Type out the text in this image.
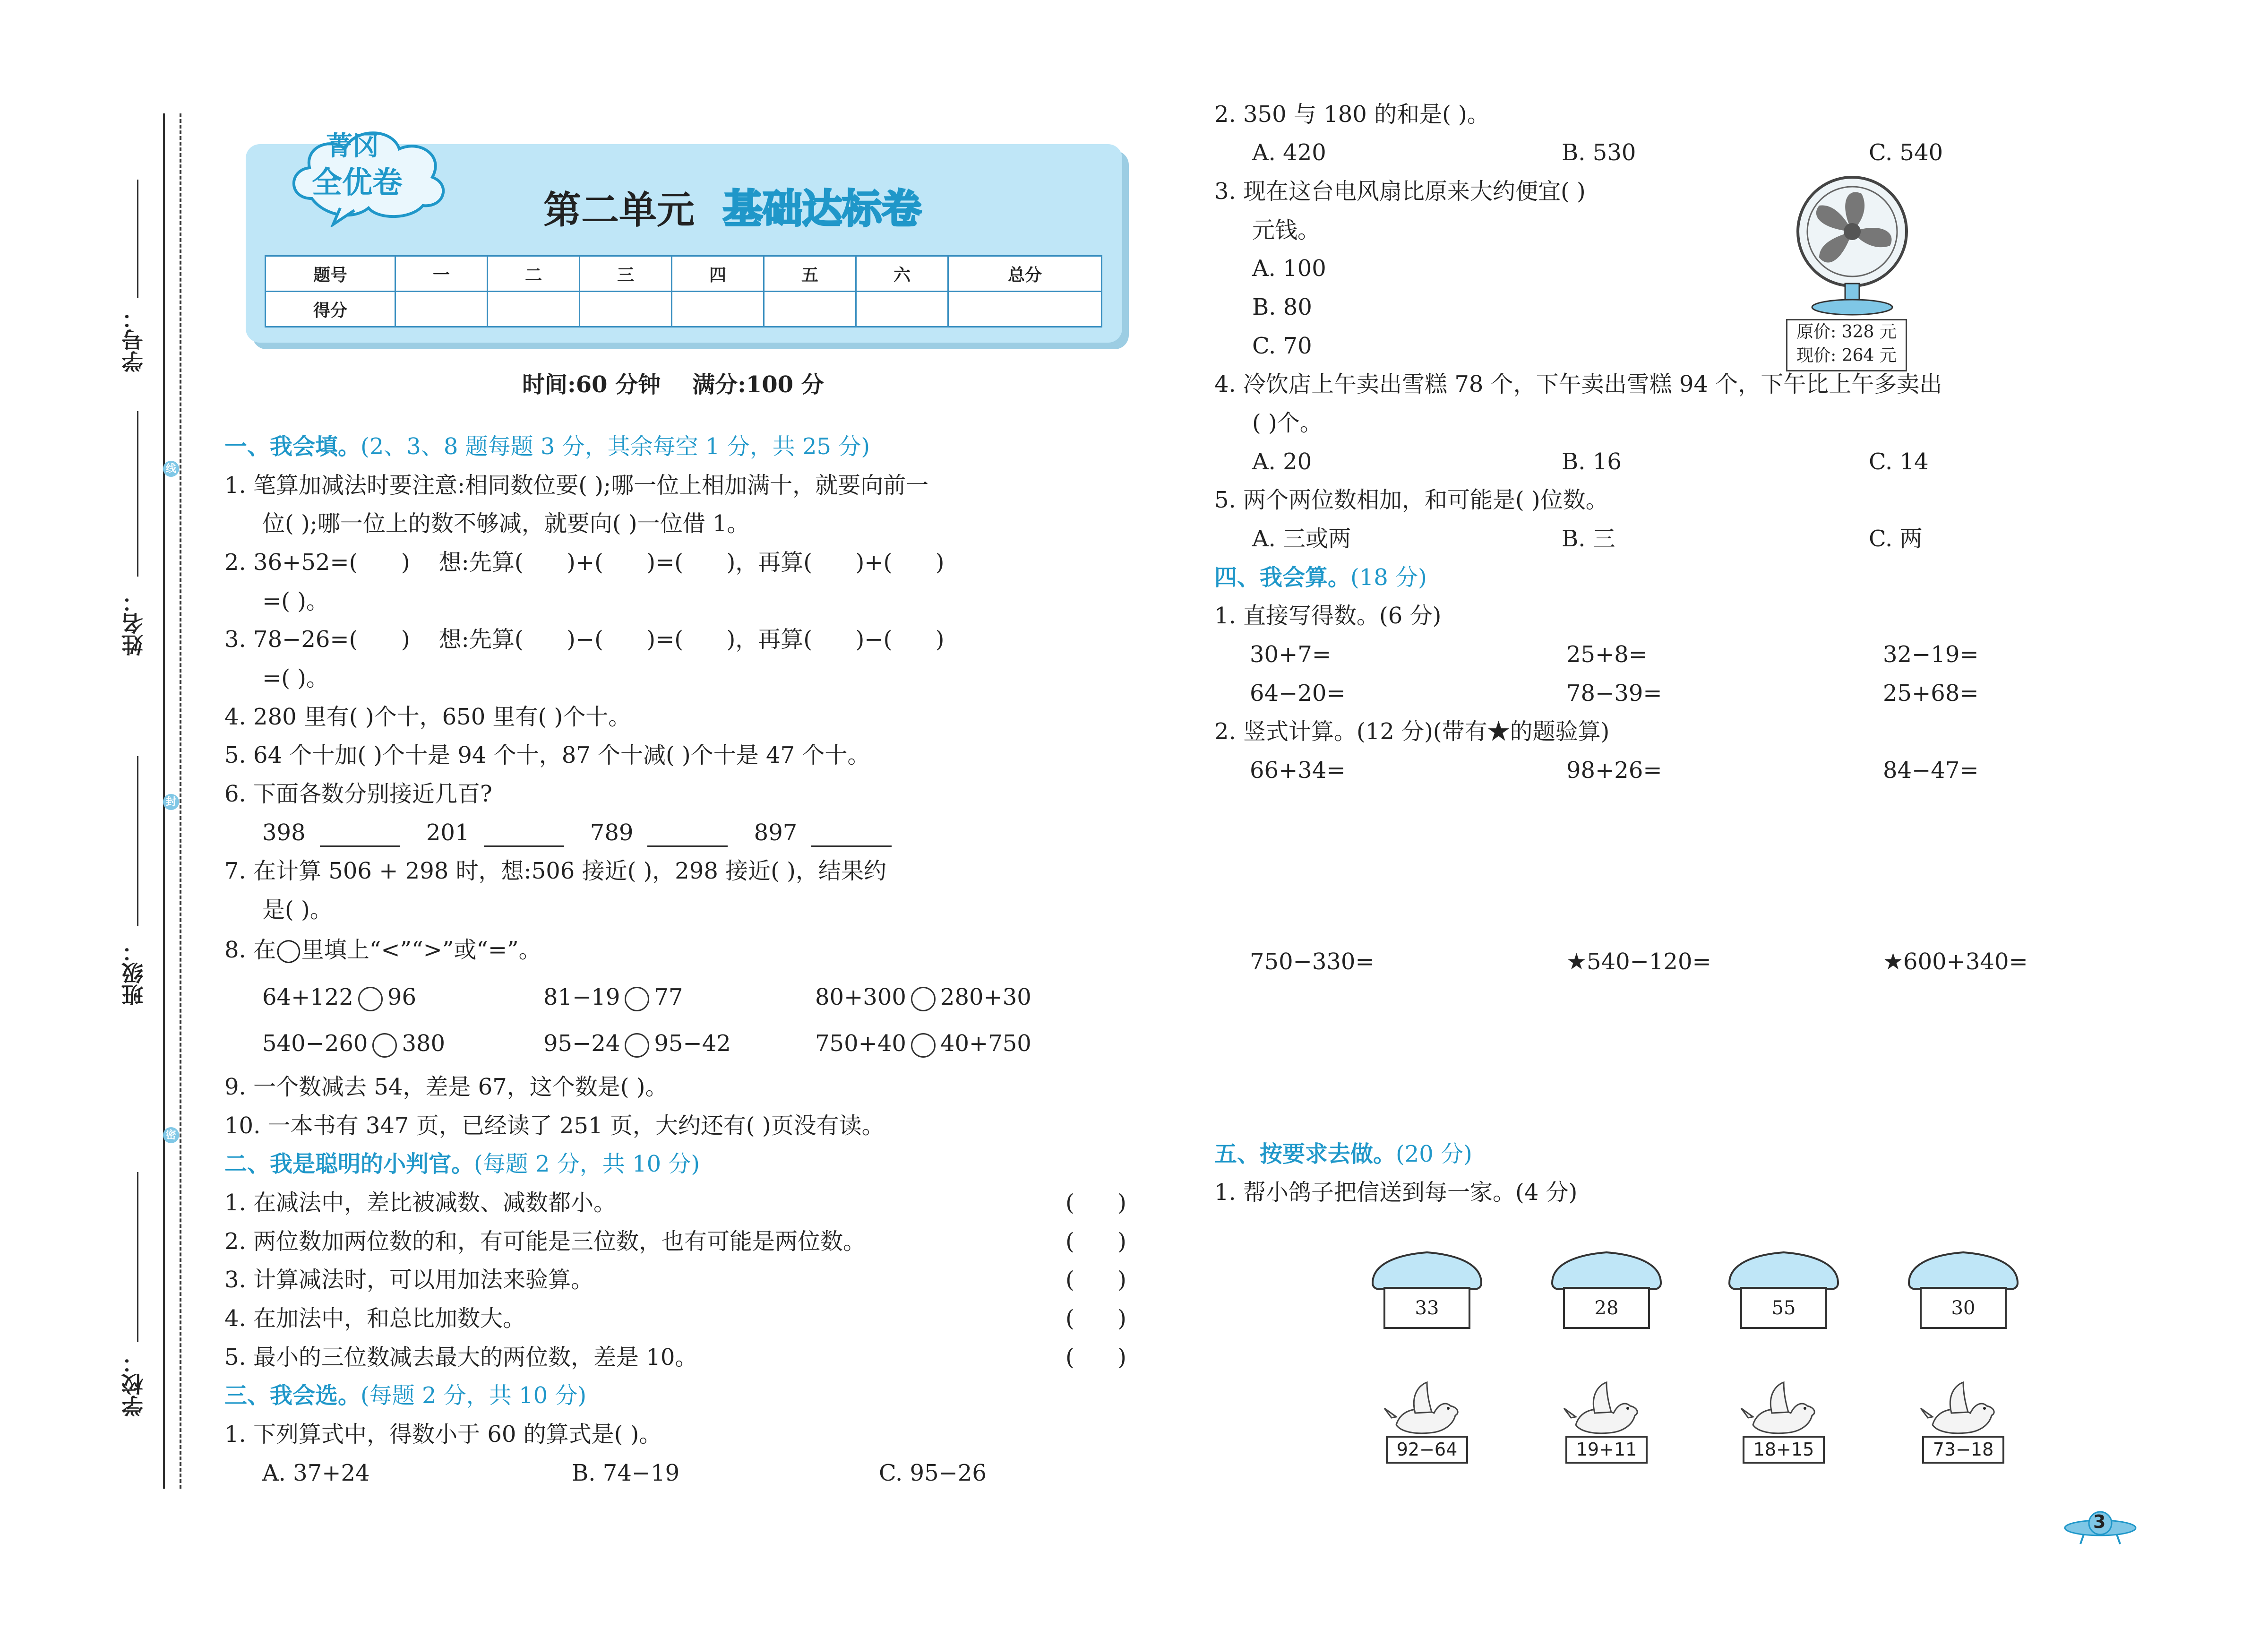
学号：
姓名：
班级：
学校：
线
封
密
菁冈
全优卷
第二单元 基础达标卷
题号	一	二	三	四	五	六	总分
得分							
时间:60 分钟    满分:100 分
一、我会填。(2、3、8 题每题 3 分，其余每空 1 分，共 25 分)
1. 笔算加减法时要注意:相同数位要( );哪一位上相加满十，就要向前一
位( );哪一位上的数不够减，就要向( )一位借 1。
2. 36+52=(      )    想:先算(      )+(      )=(      )，再算(      )+(      )
=( )。
3. 78−26=(      )    想:先算(      )−(      )=(      )，再算(      )−(      )
=( )。
4. 280 里有( )个十，650 里有( )个十。
5. 64 个十加( )个十是 94 个十，87 个十减( )个十是 47 个十。
6. 下面各数分别接近几百?
398	201	789	897
7. 在计算 506 + 298 时，想:506 接近( )，298 接近( )，结果约
是( )。
8. 在◯里填上“<”“>”或“=”。
64+122 96	81−19 77	80+300 280+30
540−260 380	95−24 95−42	750+40 40+750
9. 一个数减去 54，差是 67，这个数是( )。
10. 一本书有 347 页，已经读了 251 页，大约还有( )页没有读。
二、我是聪明的小判官。(每题 2 分，共 10 分)
1. 在减法中，差比被减数、减数都小。	(      )
2. 两位数加两位数的和，有可能是三位数，也有可能是两位数。	(      )
3. 计算减法时，可以用加法来验算。	(      )
4. 在加法中，和总比加数大。	(      )
5. 最小的三位数减去最大的两位数，差是 10。	(      )
三、我会选。(每题 2 分，共 10 分)
1. 下列算式中，得数小于 60 的算式是( )。
A. 37+24	B. 74−19	C. 95−26
2. 350 与 180 的和是( )。
A. 420	B. 530	C. 540
3. 现在这台电风扇比原来大约便宜( )
元钱。
A. 100
B. 80
C. 70
原价: 328 元
现价: 264 元
4. 冷饮店上午卖出雪糕 78 个，下午卖出雪糕 94 个，下午比上午多卖出
( )个。
A. 20	B. 16	C. 14
5. 两个两位数相加，和可能是( )位数。
A. 三或两	B. 三	C. 两
四、我会算。(18 分)
1. 直接写得数。(6 分)
30+7=	25+8=	32−19=
64−20=	78−39=	25+68=
2. 竖式计算。(12 分)(带有★的题验算)
66+34=	98+26=	84−47=
750−330=	★540−120=	★600+340=
五、按要求去做。(20 分)
1. 帮小鸽子把信送到每一家。(4 分)
33	28	55	30
92−64	19+11	18+15	73−18
3
